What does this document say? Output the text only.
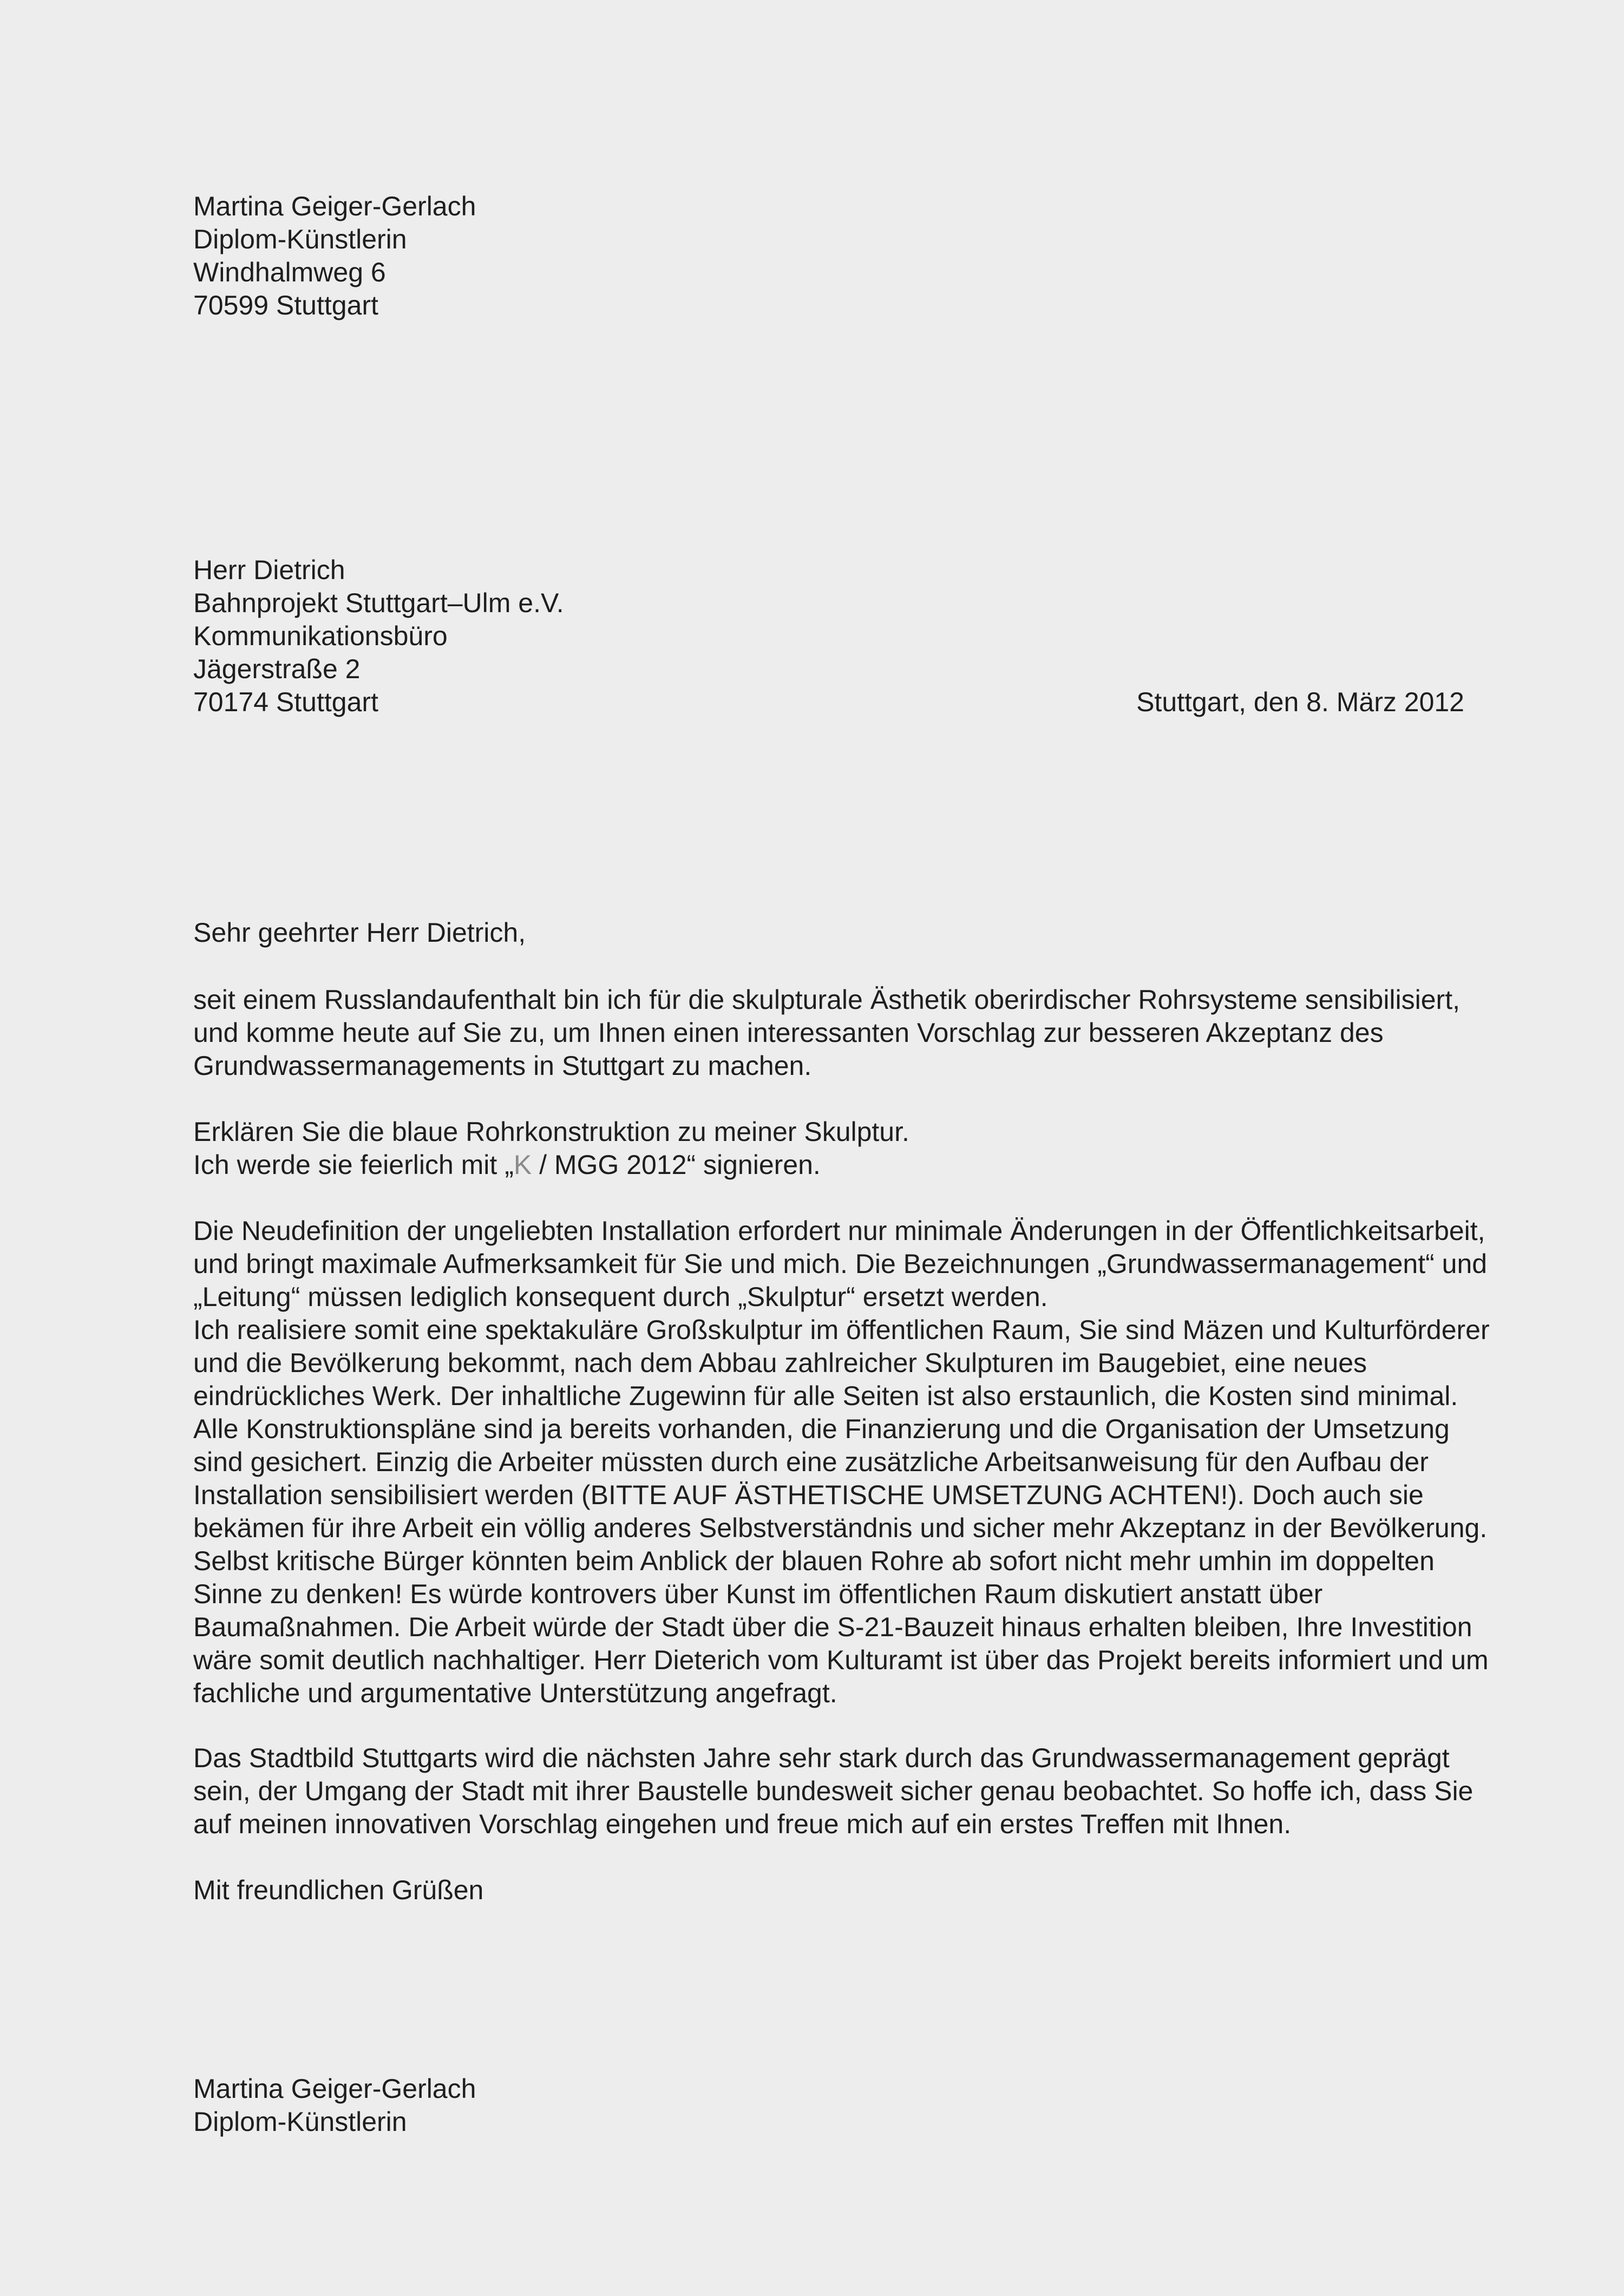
Martina Geiger-Gerlach
Diplom-Künstlerin
Windhalmweg 6
70599 Stuttgart
Herr Dietrich
Bahnprojekt Stuttgart–Ulm e.V.
Kommunikationsbüro
Jägerstraße 2
70174 Stuttgart	Stuttgart, den 8. März 2012
Sehr geehrter Herr Dietrich,
seit einem Russlandaufenthalt bin ich für die skulpturale Ästhetik oberirdischer Rohrsysteme sensibilisiert,
und komme heute auf Sie zu, um Ihnen einen interessanten Vorschlag zur besseren Akzeptanz des
Grundwassermanagements in Stuttgart zu machen.
Erklären Sie die blaue Rohrkonstruktion zu meiner Skulptur.
Ich werde sie feierlich mit „K / MGG 2012“ signieren.
Die Neudefinition der ungeliebten Installation erfordert nur minimale Änderungen in der Öffentlichkeitsarbeit,
und bringt maximale Aufmerksamkeit für Sie und mich. Die Bezeichnungen „Grundwassermanagement“ und
„Leitung“ müssen lediglich konsequent durch „Skulptur“ ersetzt werden.
Ich realisiere somit eine spektakuläre Großskulptur im öffentlichen Raum, Sie sind Mäzen und Kulturförderer
und die Bevölkerung bekommt, nach dem Abbau zahlreicher Skulpturen im Baugebiet, eine neues
eindrückliches Werk. Der inhaltliche Zugewinn für alle Seiten ist also erstaunlich, die Kosten sind minimal.
Alle Konstruktionspläne sind ja bereits vorhanden, die Finanzierung und die Organisation der Umsetzung
sind gesichert. Einzig die Arbeiter müssten durch eine zusätzliche Arbeitsanweisung für den Aufbau der
Installation sensibilisiert werden (BITTE AUF ÄSTHETISCHE UMSETZUNG ACHTEN!). Doch auch sie
bekämen für ihre Arbeit ein völlig anderes Selbstverständnis und sicher mehr Akzeptanz in der Bevölkerung.
Selbst kritische Bürger könnten beim Anblick der blauen Rohre ab sofort nicht mehr umhin im doppelten
Sinne zu denken! Es würde kontrovers über Kunst im öffentlichen Raum diskutiert anstatt über
Baumaßnahmen. Die Arbeit würde der Stadt über die S-21-Bauzeit hinaus erhalten bleiben, Ihre Investition
wäre somit deutlich nachhaltiger. Herr Dieterich vom Kulturamt ist über das Projekt bereits informiert und um
fachliche und argumentative Unterstützung angefragt.
Das Stadtbild Stuttgarts wird die nächsten Jahre sehr stark durch das Grundwassermanagement geprägt
sein, der Umgang der Stadt mit ihrer Baustelle bundesweit sicher genau beobachtet. So hoffe ich, dass Sie
auf meinen innovativen Vorschlag eingehen und freue mich auf ein erstes Treffen mit Ihnen.
Mit freundlichen Grüßen
Martina Geiger-Gerlach
Diplom-Künstlerin
